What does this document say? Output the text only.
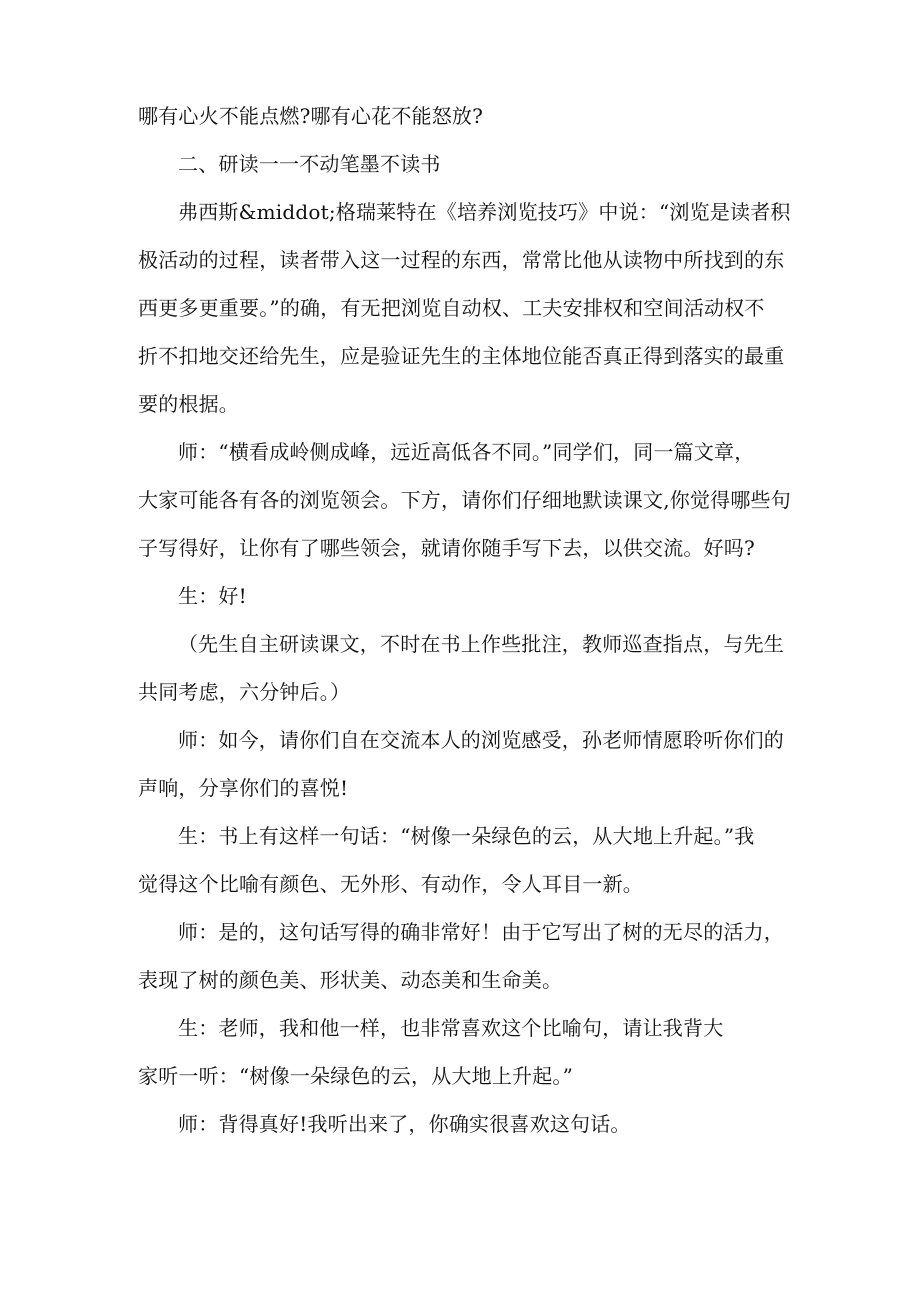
哪有心火不能点燃?哪有心花不能怒放?
二、研读一一不动笔墨不读书
弗西斯&middot;格瑞莱特在《培养浏览技巧》中说：“浏览是读者积
极活动的过程，读者带入这一过程的东西，常常比他从读物中所找到的东
西更多更重要。”的确，有无把浏览自动权、工夫安排权和空间活动权不
折不扣地交还给先生，应是验证先生的主体地位能否真正得到落实的最重
要的根据。
师：“横看成岭侧成峰，远近高低各不同。”同学们，同一篇文章，
大家可能各有各的浏览领会。下方，请你们仔细地默读课文,你觉得哪些句
子写得好，让你有了哪些领会，就请你随手写下去，以供交流。好吗?
生：好!
（先生自主研读课文，不时在书上作些批注，教师巡查指点，与先生
共同考虑，六分钟后。）
师：如今，请你们自在交流本人的浏览感受，孙老师情愿聆听你们的
声响，分享你们的喜悦!
生：书上有这样一句话：“树像一朵绿色的云，从大地上升起。”我
觉得这个比喻有颜色、无外形、有动作，令人耳目一新。
师：是的，这句话写得的确非常好！由于它写出了树的无尽的活力，
表现了树的颜色美、形状美、动态美和生命美。
生：老师，我和他一样，也非常喜欢这个比喻句，请让我背大
家听一听：“树像一朵绿色的云，从大地上升起。”
师：背得真好!我听出来了，你确实很喜欢这句话。
